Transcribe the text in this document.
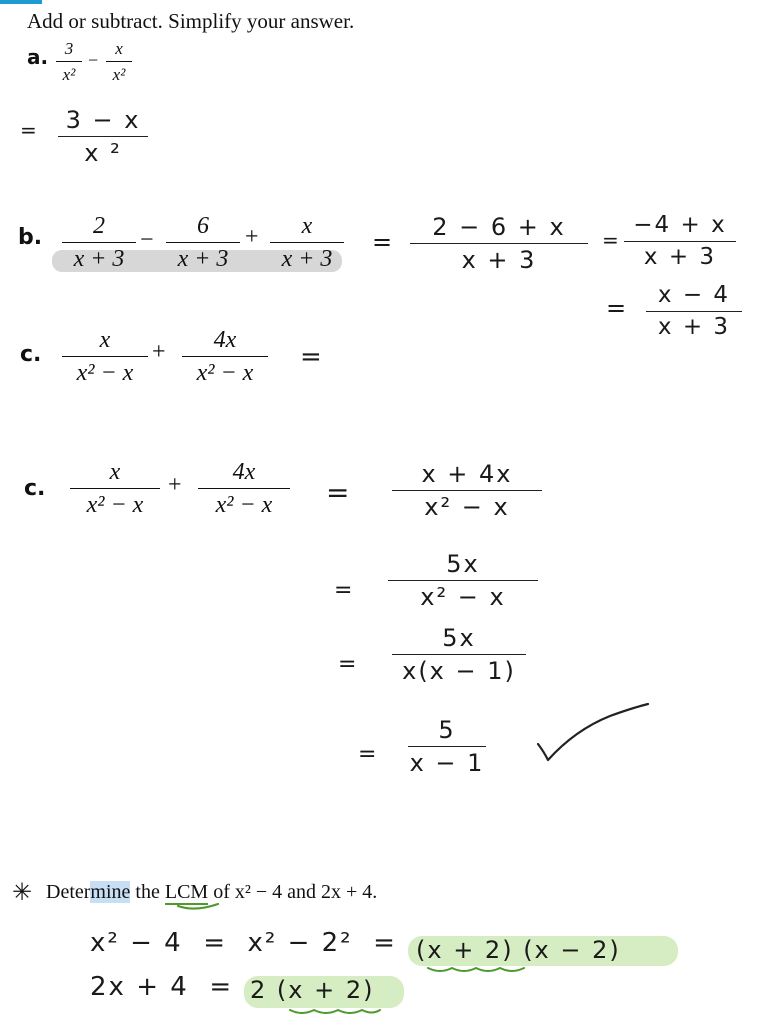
Add or subtract. Simplify your answer.
a. 3
x²
−
x
x²
= 3 − x
x ²
b. 2
x + 3
−
6
x + 3
+ x
x + 3
=
2 − 6 + x
x + 3
=
−4 + x
x + 3
= x − 4
x + 3
c.
x
x² − x
+ 4x
x² − x
=
c.
x
x² − x
+ 4x
x² − x =
x + 4x
x² − x
=
5x
x² − x
=
5x
x(x − 1)
=
5
x − 1
✳ Determine the LCM of x² − 4 and 2x + 4.
x² − 4  =  x² − 2²  = (x + 2) (x − 2)
2x + 4  = 2 (x + 2)
